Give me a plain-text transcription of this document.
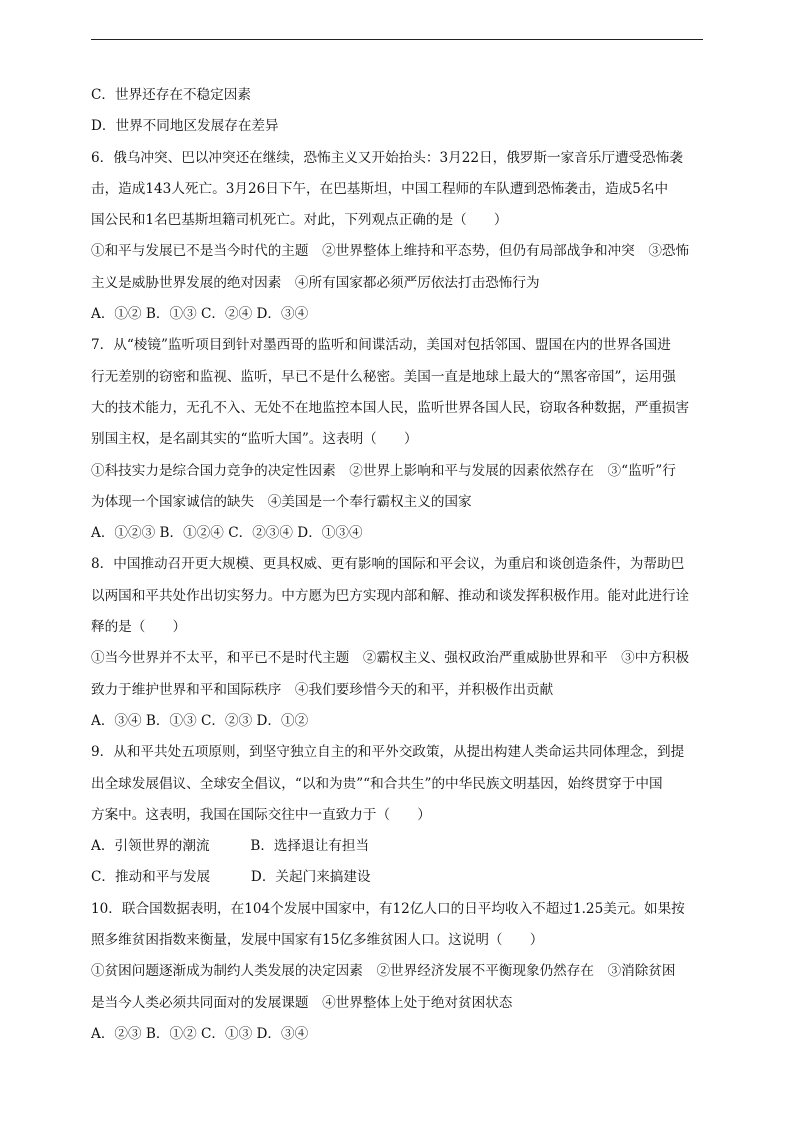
C．世界还存在不稳定因素
D．世界不同地区发展存在差异
6．俄乌冲突、巴以冲突还在继续，恐怖主义又开始抬头：3月22日，俄罗斯一家音乐厅遭受恐怖袭
击，造成143人死亡。3月26日下午，在巴基斯坦，中国工程师的车队遭到恐怖袭击，造成5名中
国公民和1名巴基斯坦籍司机死亡。对此，下列观点正确的是（　　）
①和平与发展已不是当今时代的主题　②世界整体上维持和平态势，但仍有局部战争和冲突　③恐怖
主义是威胁世界发展的绝对因素　④所有国家都必须严厉依法打击恐怖行为
A．①② B．①③ C．②④ D．③④
7．从“棱镜”监听项目到针对墨西哥的监听和间谍活动，美国对包括邻国、盟国在内的世界各国进
行无差别的窃密和监视、监听，早已不是什么秘密。美国一直是地球上最大的“黑客帝国”，运用强
大的技术能力，无孔不入、无处不在地监控本国人民，监听世界各国人民，窃取各种数据，严重损害
别国主权，是名副其实的“监听大国”。这表明（　　）
①科技实力是综合国力竞争的决定性因素　②世界上影响和平与发展的因素依然存在　③“监听”行
为体现一个国家诚信的缺失　④美国是一个奉行霸权主义的国家
A．①②③ B．①②④ C．②③④ D．①③④
8．中国推动召开更大规模、更具权威、更有影响的国际和平会议，为重启和谈创造条件，为帮助巴
以两国和平共处作出切实努力。中方愿为巴方实现内部和解、推动和谈发挥积极作用。能对此进行诠
释的是（　　）
①当今世界并不太平，和平已不是时代主题　②霸权主义、强权政治严重威胁世界和平　③中方积极
致力于维护世界和平和国际秩序　④我们要珍惜今天的和平，并积极作出贡献
A．③④ B．①③ C．②③ D．①②
9．从和平共处五项原则，到坚守独立自主的和平外交政策，从提出构建人类命运共同体理念，到提
出全球发展倡议、全球安全倡议，“以和为贵”“和合共生”的中华民族文明基因，始终贯穿于中国
方案中。这表明，我国在国际交往中一直致力于（　　）
A．引领世界的潮流　　　B．选择退让有担当
C．推动和平与发展　　　D．关起门来搞建设
10．联合国数据表明，在104个发展中国家中，有12亿人口的日平均收入不超过1.25美元。如果按
照多维贫困指数来衡量，发展中国家有15亿多维贫困人口。这说明（　　）
①贫困问题逐渐成为制约人类发展的决定因素　②世界经济发展不平衡现象仍然存在　③消除贫困
是当今人类必须共同面对的发展课题　④世界整体上处于绝对贫困状态
A．②③ B．①② C．①③ D．③④
